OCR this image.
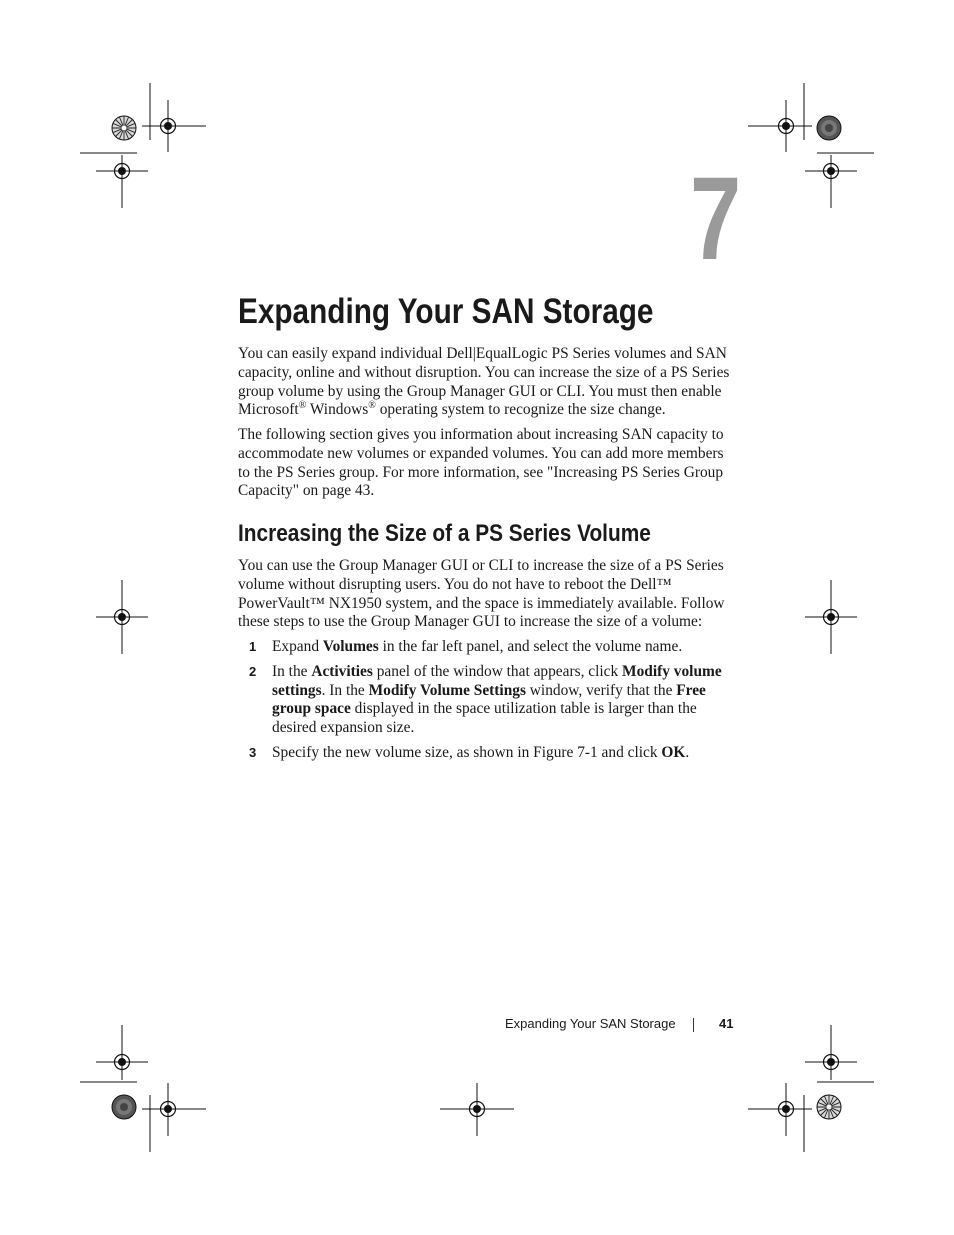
7
Expanding Your SAN Storage

You can easily expand individual Dell|EqualLogic PS Series volumes and SAN capacity, online and without disruption. You can increase the size of a PS Series group volume by using the Group Manager GUI or CLI. You must then enable Microsoft® Windows® operating system to recognize the size change.

The following section gives you information about increasing SAN capacity to accommodate new volumes or expanded volumes. You can add more members to the PS Series group. For more information, see "Increasing PS Series Group Capacity" on page 43.

Increasing the Size of a PS Series Volume

You can use the Group Manager GUI or CLI to increase the size of a PS Series volume without disrupting users. You do not have to reboot the Dell™ PowerVault™ NX1950 system, and the space is immediately available. Follow these steps to use the Group Manager GUI to increase the size of a volume:

1 Expand Volumes in the far left panel, and select the volume name.
2 In the Activities panel of the window that appears, click Modify volume settings. In the Modify Volume Settings window, verify that the Free group space displayed in the space utilization table is larger than the desired expansion size.
3 Specify the new volume size, as shown in Figure 7-1 and click OK.
Expanding Your SAN Storage	41
